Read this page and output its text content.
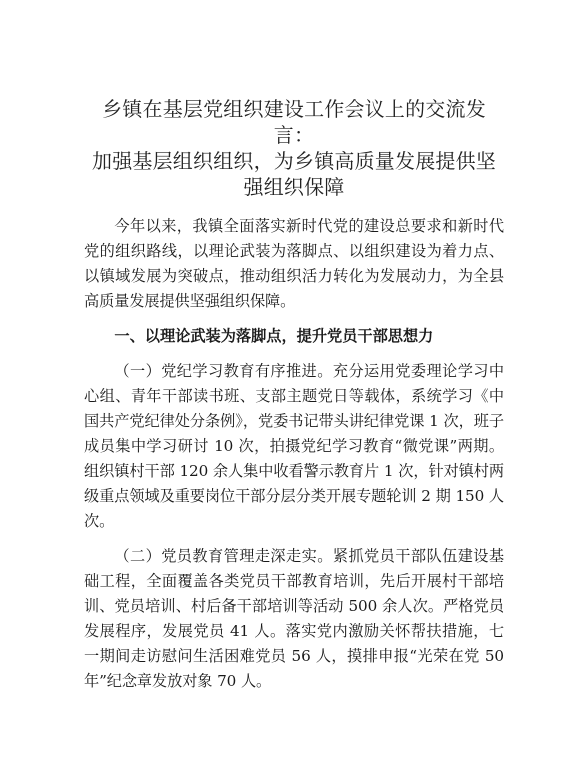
乡镇在基层党组织建设工作会议上的交流发言：
加强基层组织组织，为乡镇高质量发展提供坚
强组织保障

今年以来，我镇全面落实新时代党的建设总要求和新时代党的组织路线，以理论武装为落脚点、以组织建设为着力点、以镇域发展为突破点，推动组织活力转化为发展动力，为全县高质量发展提供坚强组织保障。

一、以理论武装为落脚点，提升党员干部思想力

（一）党纪学习教育有序推进。充分运用党委理论学习中心组、青年干部读书班、支部主题党日等载体，系统学习《中国共产党纪律处分条例》，党委书记带头讲纪律党课 1 次，班子成员集中学习研讨 10 次，拍摄党纪学习教育“微党课”两期。组织镇村干部 120 余人集中收看警示教育片 1 次，针对镇村两级重点领域及重要岗位干部分层分类开展专题轮训 2 期 150 人次。

（二）党员教育管理走深走实。紧抓党员干部队伍建设基础工程，全面覆盖各类党员干部教育培训，先后开展村干部培训、党员培训、村后备干部培训等活动 500 余人次。严格党员发展程序，发展党员 41 人。落实党内激励关怀帮扶措施，七一期间走访慰问生活困难党员 56 人，摸排申报“光荣在党 50 年”纪念章发放对象 70 人。
